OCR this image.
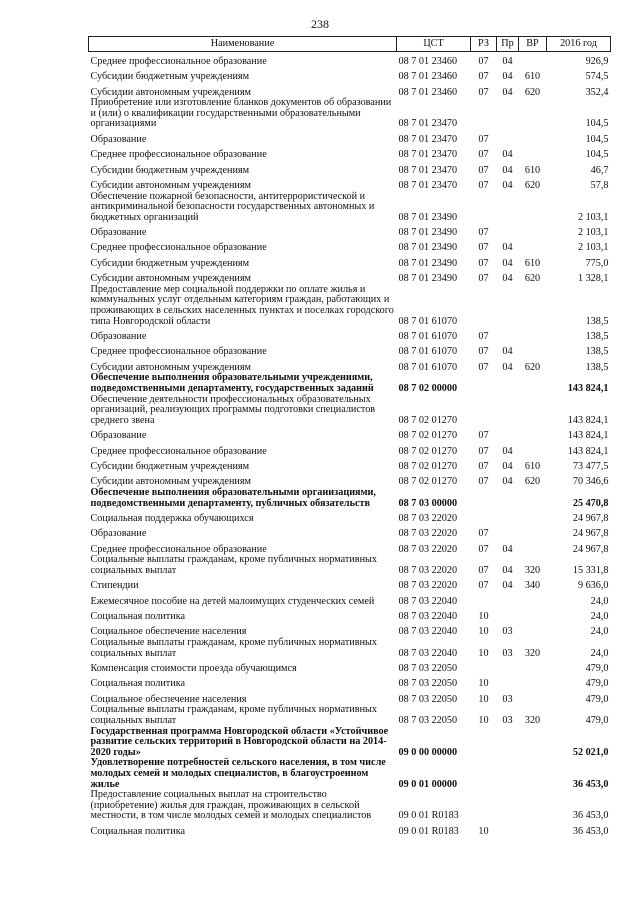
238
Наименование	ЦСТ	РЗ	Пр	ВР	2016 год
Среднее профессиональное образование	08 7 01 23460	07	04		926,9
Субсидии бюджетным учреждениям	08 7 01 23460	07	04	610	574,5
Субсидии автономным учреждениям	08 7 01 23460	07	04	620	352,4
Приобретение или изготовление бланков документов об образовании и (или) о квалификации государственными образовательными организациями	08 7 01 23470				104,5
Образование	08 7 01 23470	07			104,5
Среднее профессиональное образование	08 7 01 23470	07	04		104,5
Субсидии бюджетным учреждениям	08 7 01 23470	07	04	610	46,7
Субсидии автономным учреждениям	08 7 01 23470	07	04	620	57,8
Обеспечение пожарной безопасности, антитеррористической и антикриминальной безопасности государственных автономных и бюджетных организаций	08 7 01 23490				2 103,1
Образование	08 7 01 23490	07			2 103,1
Среднее профессиональное образование	08 7 01 23490	07	04		2 103,1
Субсидии бюджетным учреждениям	08 7 01 23490	07	04	610	775,0
Субсидии автономным учреждениям	08 7 01 23490	07	04	620	1 328,1
Предоставление мер социальной поддержки по оплате жилья и коммунальных услуг отдельным категориям граждан, работающих и проживающих в сельских населенных пунктах и поселках городского типа Новгородской области	08 7 01 61070				138,5
Образование	08 7 01 61070	07			138,5
Среднее профессиональное образование	08 7 01 61070	07	04		138,5
Субсидии автономным учреждениям	08 7 01 61070	07	04	620	138,5
Обеспечение выполнения образовательными учреждениями, подведомственными департаменту, государственных заданий	08 7 02 00000				143 824,1
Обеспечение деятельности профессиональных образовательных организаций, реализующих программы подготовки специалистов среднего звена	08 7 02 01270				143 824,1
Образование	08 7 02 01270	07			143 824,1
Среднее профессиональное образование	08 7 02 01270	07	04		143 824,1
Субсидии бюджетным учреждениям	08 7 02 01270	07	04	610	73 477,5
Субсидии автономным учреждениям	08 7 02 01270	07	04	620	70 346,6
Обеспечение выполнения образовательными организациями, подведомственными департаменту, публичных обязательств	08 7 03 00000				25 470,8
Социальная поддержка обучающихся	08 7 03 22020				24 967,8
Образование	08 7 03 22020	07			24 967,8
Среднее профессиональное образование	08 7 03 22020	07	04		24 967,8
Социальные выплаты гражданам, кроме публичных нормативных социальных выплат	08 7 03 22020	07	04	320	15 331,8
Стипендии	08 7 03 22020	07	04	340	9 636,0
Ежемесячное пособие на детей малоимущих студенческих семей	08 7 03 22040				24,0
Социальная политика	08 7 03 22040	10			24,0
Социальное обеспечение населения	08 7 03 22040	10	03		24,0
Социальные выплаты гражданам, кроме публичных нормативных социальных выплат	08 7 03 22040	10	03	320	24,0
Компенсация стоимости проезда обучающимся	08 7 03 22050				479,0
Социальная политика	08 7 03 22050	10			479,0
Социальное обеспечение населения	08 7 03 22050	10	03		479,0
Социальные выплаты гражданам, кроме публичных нормативных социальных выплат	08 7 03 22050	10	03	320	479,0
Государственная программа Новгородской области «Устойчивое развитие сельских территорий в Новгородской области на 2014-2020 годы»	09 0 00 00000				52 021,0
Удовлетворение потребностей сельского населения, в том числе молодых семей и молодых специалистов, в благоустроенном жилье	09 0 01 00000				36 453,0
Предоставление социальных выплат на строительство (приобретение) жилья для граждан, проживающих в сельской местности, в том числе молодых семей и молодых специалистов	09 0 01 R0183				36 453,0
Социальная политика	09 0 01 R0183	10			36 453,0
